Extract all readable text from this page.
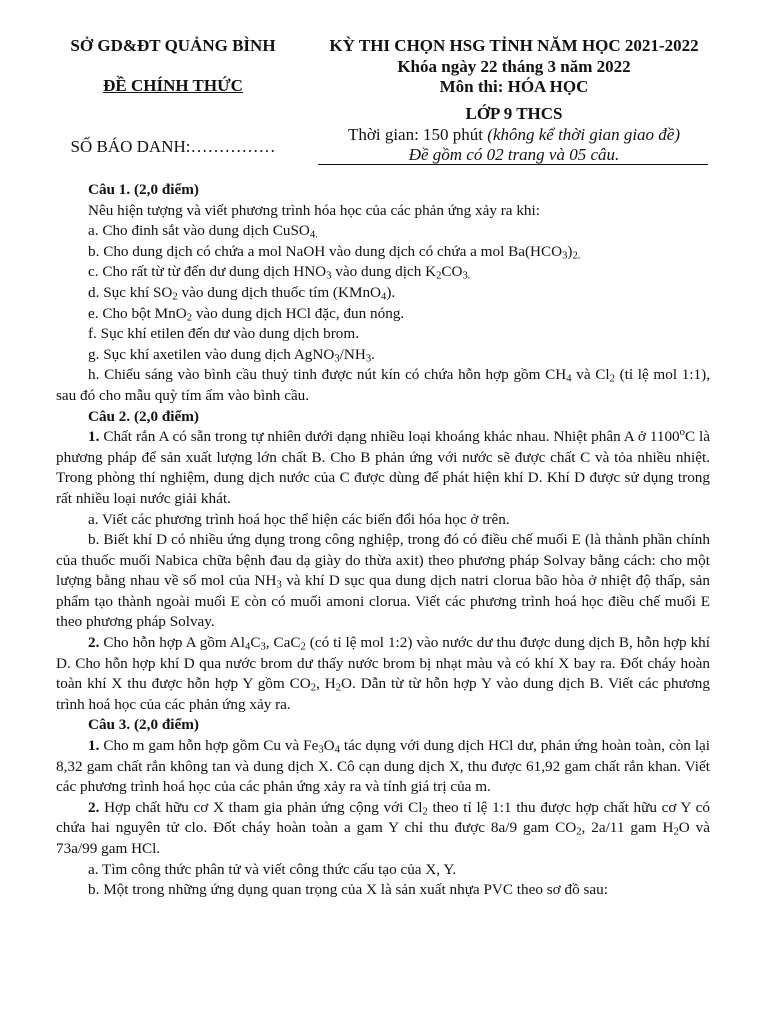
SỞ GD&ĐT QUẢNG BÌNH
ĐỀ CHÍNH THỨC
SỐ BÁO DANH:……………
KỲ THI CHỌN HSG TỈNH NĂM HỌC 2021-2022
Khóa ngày 22 tháng 3 năm 2022
Môn thi: HÓA HỌC
LỚP 9 THCS
Thời gian: 150 phút (không kể thời gian giao đề)
Đề gồm có 02 trang và 05 câu.

Câu 1. (2,0 điểm)

Nêu hiện tượng và viết phương trình hóa học của các phản ứng xảy ra khi:

a. Cho đinh sắt vào dung dịch CuSO$_{4.}$

b. Cho dung dịch có chứa a mol NaOH vào dung dịch có chứa a mol $Ba(HCO_3)_{2.}$

c. Cho rất từ từ đến dư dung dịch $HNO_3$ vào dung dịch $K_2CO_{3.}$

d. Sục khí $SO_2$ vào dung dịch thuốc tím (KMnO$_4$).

e. Cho bột MnO$_2$ vào dung dịch HCl đặc, đun nóng.

f. Sục khí etilen đến dư vào dung dịch brom.

g. Sục khí axetilen vào dung dịch $AgNO_3/NH_3$.

h. Chiếu sáng vào bình cầu thuỷ tinh được nút kín có chứa hỗn hợp gồm $CH_4$ và $Cl_2$ (tỉ lệ mol 1:1), sau đó cho mẫu quỳ tím ẩm vào bình cầu.

Câu 2. (2,0 điểm)

1. Chất rắn A có sẵn trong tự nhiên dưới dạng nhiều loại khoáng khác nhau. Nhiệt phân A ở 1100$^o$C là phương pháp để sản xuất lượng lớn chất B. Cho B phản ứng với nước sẽ được chất C và tỏa nhiều nhiệt. Trong phòng thí nghiệm, dung dịch nước của C được dùng để phát hiện khí D. Khí D được sử dụng trong rất nhiều loại nước giải khát.

a. Viết các phương trình hoá học thể hiện các biến đổi hóa học ở trên.

b. Biết khí D có nhiều ứng dụng trong công nghiệp, trong đó có điều chế muối E (là thành phần chính của thuốc muối Nabica chữa bệnh đau dạ giày do thừa axit) theo phương pháp Solvay bằng cách: cho một lượng bằng nhau về số mol của $NH_3$ và khí D sục qua dung dịch natri clorua bão hòa ở nhiệt độ thấp, sản phẩm tạo thành ngoài muối E còn có muối amoni clorua. Viết các phương trình hoá học điều chế muối E theo phương pháp Solvay.

2. Cho hỗn hợp A gồm $Al_4C_3$, CaC$_2$ (có tỉ lệ mol 1:2) vào nước dư thu được dung dịch B, hỗn hợp khí D. Cho hỗn hợp khí D qua nước brom dư thấy nước brom bị nhạt màu và có khí X bay ra. Đốt cháy hoàn toàn khí X thu được hỗn hợp Y gồm $CO_2$, $H_2O$. Dẫn từ từ hỗn hợp Y vào dung dịch B. Viết các phương trình hoá học của các phản ứng xảy ra.

Câu 3. (2,0 điểm)

1. Cho m gam hỗn hợp gồm Cu và $Fe_3O_4$ tác dụng với dung dịch HCl dư, phản ứng hoàn toàn, còn lại 8,32 gam chất rắn không tan và dung dịch X. Cô cạn dung dịch X, thu được 61,92 gam chất rắn khan. Viết các phương trình hoá học của các phản ứng xảy ra và tính giá trị của m.

2. Hợp chất hữu cơ X tham gia phản ứng cộng với $Cl_2$ theo tỉ lệ 1:1 thu được hợp chất hữu cơ Y có chứa hai nguyên tử clo. Đốt cháy hoàn toàn a gam Y chỉ thu được 8a/9 gam $CO_2$, 2a/11 gam $H_2O$ và 73a/99 gam HCl.

a. Tìm công thức phân tử và viết công thức cấu tạo của X, Y.

b. Một trong những ứng dụng quan trọng của X là sản xuất nhựa PVC theo sơ đồ sau:
